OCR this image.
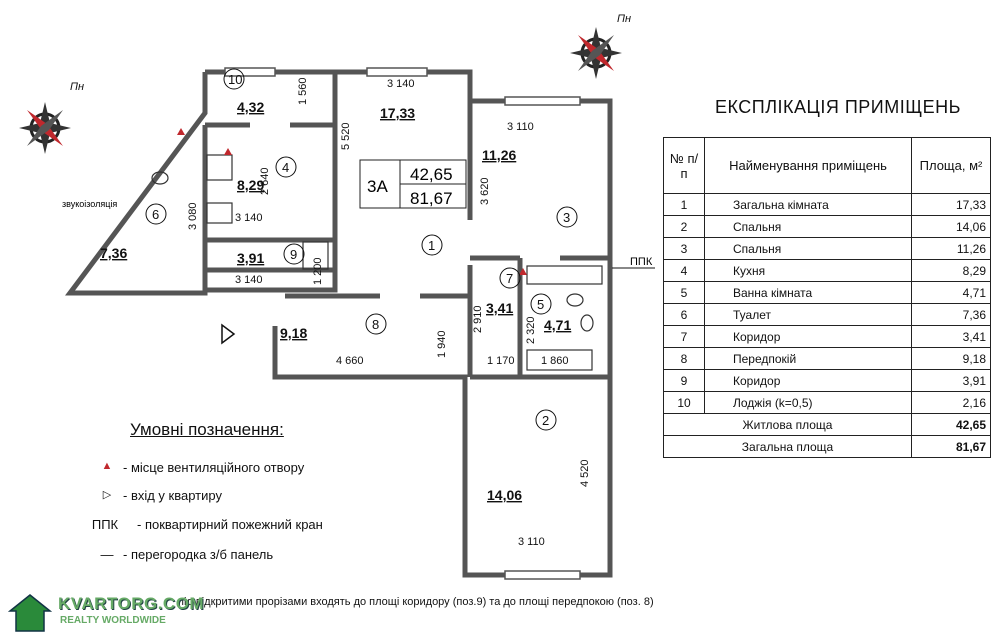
Пн
Пн
3А
42,65
81,67
звукоізоляція
ППК
17,33
1
14,06
2
11,26
3
8,29
4
4,71
5
7,36
6
3,41
7
9,18
8
3,91 9
4,32
10	3 140
1 560
5 520	3 110
3 620
2 640
3 140
3 080
3 140	1 200
2 910	2 320
1 940
4 660	1 170 1 860
4 520
3 110
ЕКСПЛІКАЦІЯ ПРИМІЩЕНЬ
№ п/п	Найменування приміщень	Площа, м²
1	Загальна кімната	17,33
2	Спальня	14,06
3	Спальня	11,26
4	Кухня	8,29
5	Ванна кімната	4,71
6	Туалет	7,36
7	Коридор	3,41
8	Передпокій	9,18
9	Коридор	3,91
10	Лоджія (k=0,5)	2,16
Житлова площа		42,65
Загальна площа		81,67
Умовні позначення:
▲ - місце вентиляційного отвору
▷ - вхід у квартиру
ППК	- поквартирний пожежний кран
— - перегородка з/б панель
під відкритими прорізами входять до площі коридору (поз.9) та до площі передпокою (поз. 8)
KVARTORG.COM
REALTY WORLDWIDE
